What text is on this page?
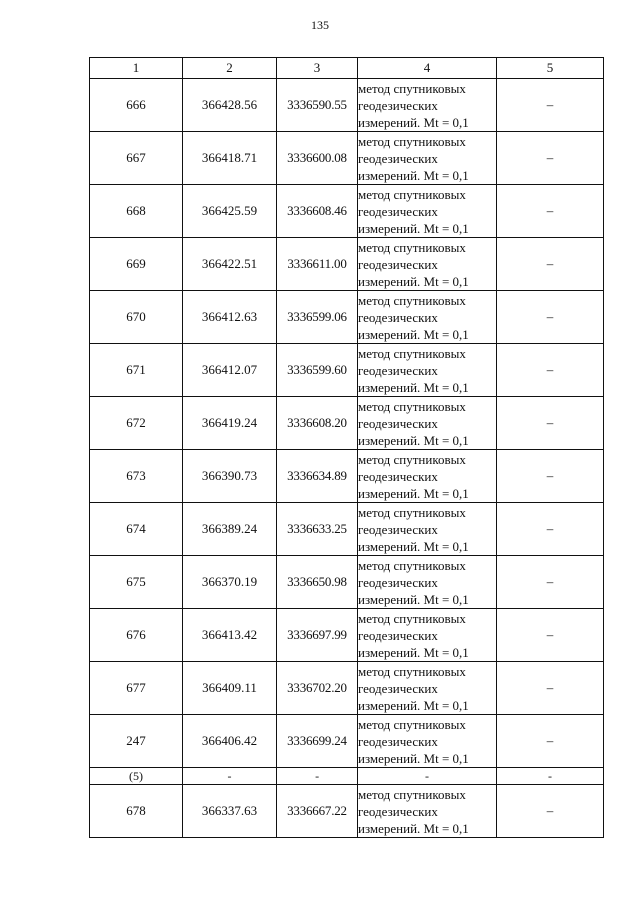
135
1	2	3	4	5
666	366428.56	3336590.55	метод спутниковых
геодезических
измерений. Mt = 0,1	–
667	366418.71	3336600.08	метод спутниковых
геодезических
измерений. Mt = 0,1	–
668	366425.59	3336608.46	метод спутниковых
геодезических
измерений. Mt = 0,1	–
669	366422.51	3336611.00	метод спутниковых
геодезических
измерений. Mt = 0,1	–
670	366412.63	3336599.06	метод спутниковых
геодезических
измерений. Mt = 0,1	–
671	366412.07	3336599.60	метод спутниковых
геодезических
измерений. Mt = 0,1	–
672	366419.24	3336608.20	метод спутниковых
геодезических
измерений. Mt = 0,1	–
673	366390.73	3336634.89	метод спутниковых
геодезических
измерений. Mt = 0,1	–
674	366389.24	3336633.25	метод спутниковых
геодезических
измерений. Mt = 0,1	–
675	366370.19	3336650.98	метод спутниковых
геодезических
измерений. Mt = 0,1	–
676	366413.42	3336697.99	метод спутниковых
геодезических
измерений. Mt = 0,1	–
677	366409.11	3336702.20	метод спутниковых
геодезических
измерений. Mt = 0,1	–
247	366406.42	3336699.24	метод спутниковых
геодезических
измерений. Mt = 0,1	–
(5)	-	-	-	-
678	366337.63	3336667.22	метод спутниковых
геодезических
измерений. Mt = 0,1	–
